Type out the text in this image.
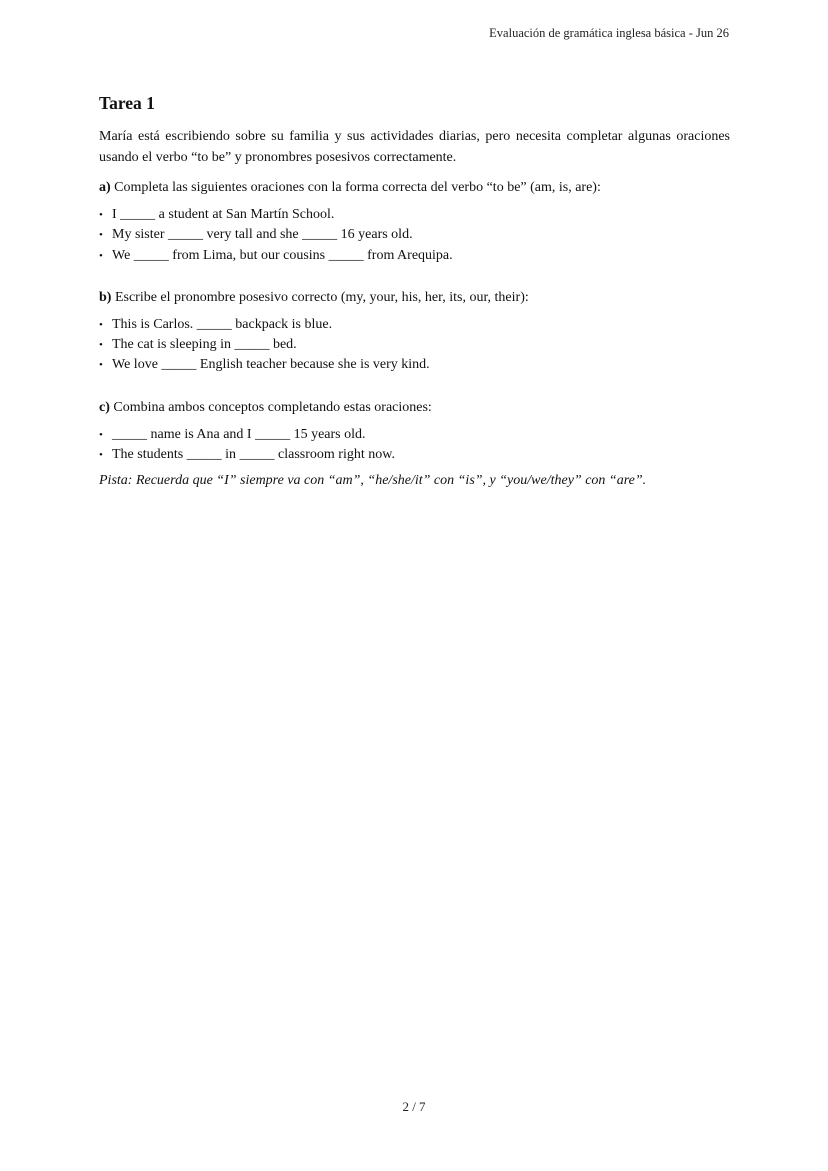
Evaluación de gramática inglesa básica - Jun 26
Tarea 1

María está escribiendo sobre su familia y sus actividades diarias, pero necesita completar algunas oraciones usando el verbo “to be” y pronombres posesivos correctamente.

a) Completa las siguientes oraciones con la forma correcta del verbo “to be” (am, is, are):

• I _____ a student at San Martín School.
• My sister _____ very tall and she _____ 16 years old.
• We _____ from Lima, but our cousins _____ from Arequipa.

b) Escribe el pronombre posesivo correcto (my, your, his, her, its, our, their):

• This is Carlos. _____ backpack is blue.
• The cat is sleeping in _____ bed.
• We love _____ English teacher because she is very kind.

c) Combina ambos conceptos completando estas oraciones:

• _____ name is Ana and I _____ 15 years old.
• The students _____ in _____ classroom right now.

Pista: Recuerda que “I” siempre va con “am”, “he/she/it” con “is”, y “you/we/they” con “are”.

2 / 7
